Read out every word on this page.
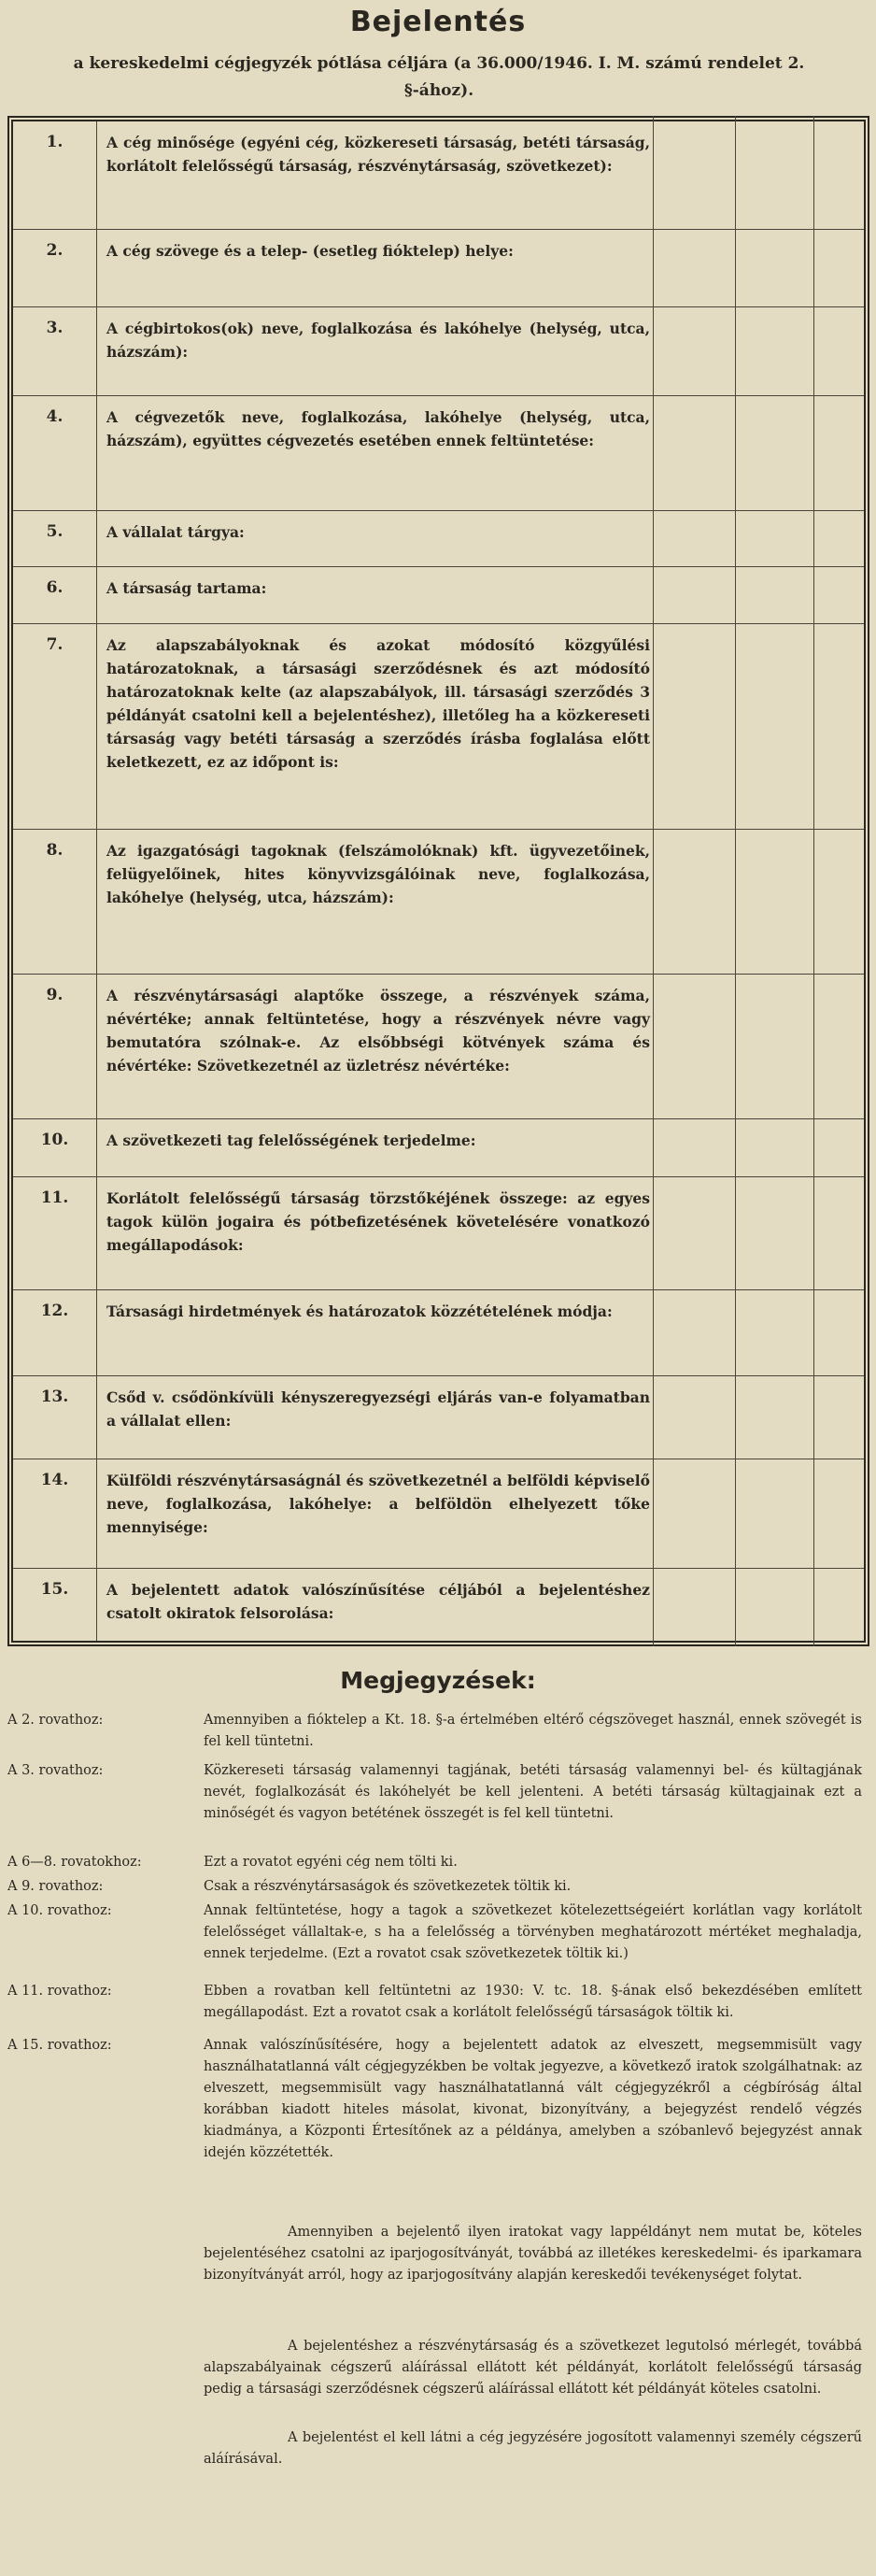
Bejelentés
a kereskedelmi cégjegyzék pótlása céljára (a 36.000/1946. I. M. számú rendelet 2. §-ához).
1.	A cég minősége (egyéni cég, közkereseti társaság, betéti társaság, korlátolt felelősségű társaság, részvénytársaság, szövetkezet):
2.	A cég szövege és a telep- (esetleg fióktelep) helye:
3.	A cégbirtokos(ok) neve, foglalkozása és lakóhelye (helység, utca, házszám):
4.	A cégvezetők neve, foglalkozása, lakóhelye (helység, utca, házszám), együttes cégvezetés esetében ennek feltüntetése:
5.	A vállalat tárgya:
6.	A társaság tartama:
7.	Az alapszabályoknak és azokat módosító közgyűlési határozatoknak, a társasági szerződésnek és azt módosító határozatoknak kelte (az alapszabályok, ill. társasági szerződés 3 példányát csatolni kell a bejelentéshez), illetőleg ha a közkereseti társaság vagy betéti társaság a szerződés írásba foglalása előtt keletkezett, ez az időpont is:
8.	Az igazgatósági tagoknak (felszámolóknak) kft. ügyvezetőinek, felügyelőinek, hites könyvvizsgálóinak neve, foglalkozása, lakóhelye (helység, utca, házszám):
9.	A részvénytársasági alaptőke összege, a részvények száma, névértéke; annak feltüntetése, hogy a részvények névre vagy bemutatóra szólnak-e. Az elsőbbségi kötvények száma és névértéke: Szövetkezetnél az üzletrész névértéke:
10.	A szövetkezeti tag felelősségének terjedelme:
11.	Korlátolt felelősségű társaság törzstőkéjének összege: az egyes tagok külön jogaira és pótbefizetésének követelésére vonatkozó megállapodások:
12.	Társasági hirdetmények és határozatok közzétételének módja:
13.	Csőd v. csődönkívüli kényszeregyezségi eljárás van-e folyamatban a vállalat ellen:
14.	Külföldi részvénytársaságnál és szövetkezetnél a belföldi képviselő neve, foglalkozása, lakóhelye: a belföldön elhelyezett tőke mennyisége:
15.	A bejelentett adatok valószínűsítése céljából a bejelentéshez csatolt okiratok felsorolása:
Megjegyzések:
A 2. rovathoz:	Amennyiben a fióktelep a Kt. 18. §-a értelmében eltérő cégszöveget használ, ennek szövegét is fel kell tüntetni.
A 3. rovathoz:	Közkereseti társaság valamennyi tagjának, betéti társaság valamennyi bel- és kültagjának nevét, foglalkozását és lakóhelyét be kell jelenteni. A betéti társaság kültagjainak ezt a minőségét és vagyon betétének összegét is fel kell tüntetni.
A 6—8. rovatokhoz:	Ezt a rovatot egyéni cég nem tölti ki.
A 9. rovathoz:	Csak a részvénytársaságok és szövetkezetek töltik ki.
A 10. rovathoz:	Annak feltüntetése, hogy a tagok a szövetkezet kötelezettségeiért korlátlan vagy korlátolt felelősséget vállaltak-e, s ha a felelősség a törvényben meghatározott mértéket meghaladja, ennek terjedelme. (Ezt a rovatot csak szövetkezetek töltik ki.)
A 11. rovathoz:	Ebben a rovatban kell feltüntetni az 1930: V. tc. 18. §-ának első bekezdésében említett megállapodást. Ezt a rovatot csak a korlátolt felelősségű társaságok töltik ki.
A 15. rovathoz:	Annak valószínűsítésére, hogy a bejelentett adatok az elveszett, megsemmisült vagy használhatatlanná vált cégjegyzékben be voltak jegyezve, a következő iratok szolgálhatnak: az elveszett, megsemmisült vagy használhatatlanná vált cégjegyzékről a cégbíróság által korábban kiadott hiteles másolat, kivonat, bizonyítvány, a bejegyzést rendelő végzés kiadmánya, a Központi Értesítőnek az a példánya, amelyben a szóbanlevő bejegyzést annak idején közzétették.
Amennyiben a bejelentő ilyen iratokat vagy lappéldányt nem mutat be, köteles bejelentéséhez csatolni az iparjogosítványát, továbbá az illetékes kereskedelmi- és iparkamara bizonyítványát arról, hogy az iparjogosítvány alapján kereskedői tevékenységet folytat.
A bejelentéshez a részvénytársaság és a szövetkezet legutolsó mérlegét, továbbá alapszabályainak cégszerű aláírással ellátott két példányát, korlátolt felelősségű társaság pedig a társasági szerződésnek cégszerű aláírással ellátott két példányát köteles csatolni.
A bejelentést el kell látni a cég jegyzésére jogosított valamennyi személy cégszerű aláírásával.
